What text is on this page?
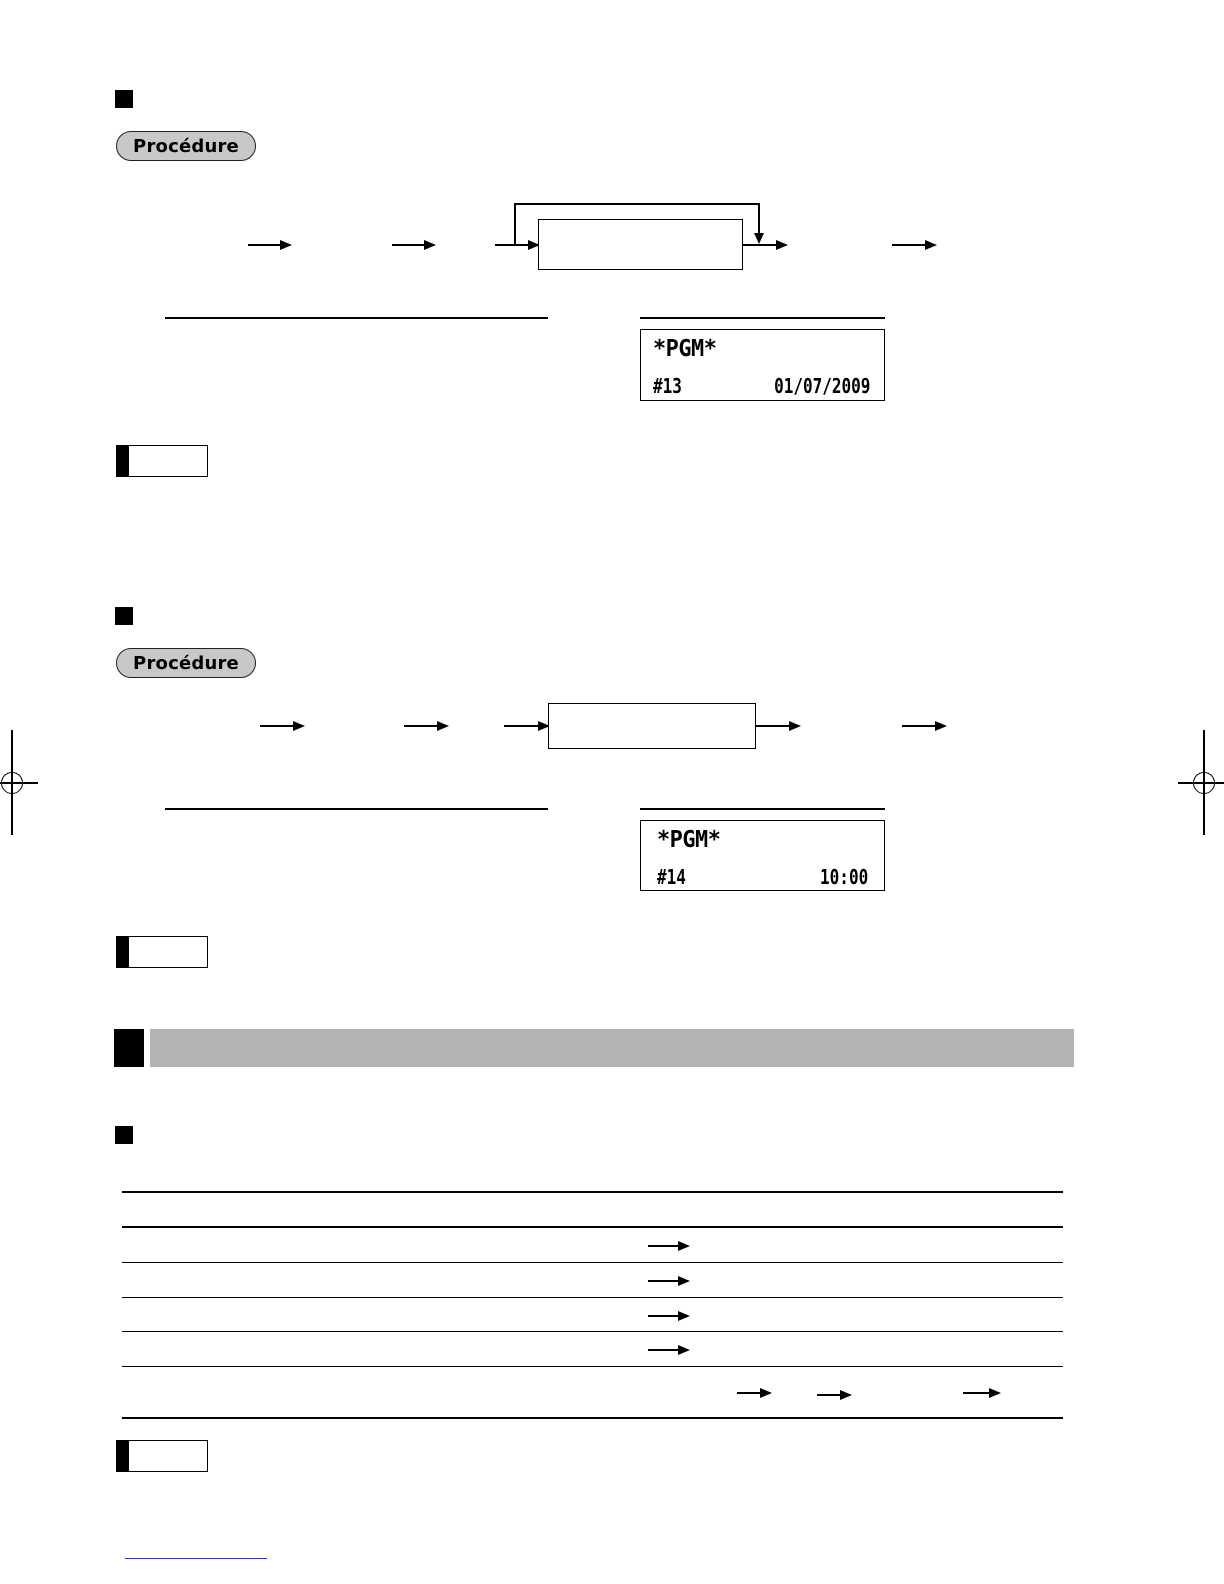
Procédure
*PGM*
#13	01/07/2009
Procédure
*PGM*
#14	10:00
